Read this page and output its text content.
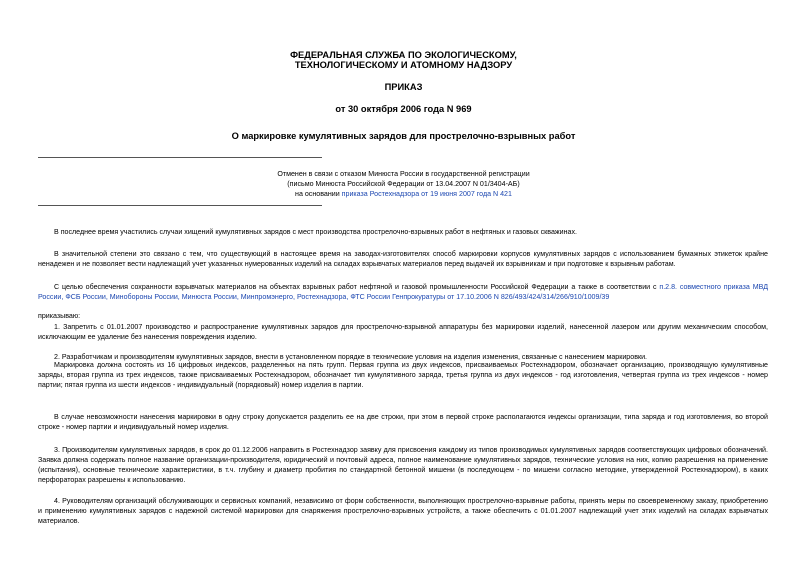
ФЕДЕРАЛЬНАЯ СЛУЖБА ПО ЭКОЛОГИЧЕСКОМУ,
ТЕХНОЛОГИЧЕСКОМУ И АТОМНОМУ НАДЗОРУ
ПРИКАЗ
от 30 октября 2006 года N 969
О маркировке кумулятивных зарядов для прострелочно-взрывных работ
Отменен в связи с отказом Минюста России в государственной регистрации
(письмо Минюста Российской Федерации от 13.04.2007 N 01/3404-АБ)
на основании приказа Ростехнадзора от 19 июня 2007 года N 421
В последнее время участились случаи хищений кумулятивных зарядов с мест производства прострелочно-взрывных работ в нефтяных и газовых скважинах.
В значительной степени это связано с тем, что существующий в настоящее время на заводах-изготовителях способ маркировки корпусов кумулятивных зарядов с использованием бумажных этикеток крайне ненадежен и не позволяет вести надлежащий учет указанных нумерованных изделий на складах взрывчатых материалов перед выдачей их взрывникам и при подготовке к взрывным работам.
С целью обеспечения сохранности взрывчатых материалов на объектах взрывных работ нефтяной и газовой промышленности Российской Федерации а также в соответствии с п.2.8. совместного приказа МВД России, ФСБ России, Минобороны России, Минюста России, Минпромэнерго, Ростехнадзора, ФТС России Генпрокуратуры от 17.10.2006 N 826/493/424/314/266/910/1009/39
приказываю:
1. Запретить с 01.01.2007 производство и распространение кумулятивных зарядов для прострелочно-взрывной аппаратуры без маркировки изделий, нанесенной лазером или другим механическим способом, исключающим ее удаление без нанесения повреждения изделию.
2. Разработчикам и производителям кумулятивных зарядов, внести в установленном порядке в технические условия на изделия изменения, связанные с нанесением маркировки.
Маркировка должна состоять из 16 цифровых индексов, разделенных на пять групп. Первая группа из двух индексов, присваиваемых Ростехнадзором, обозначает организацию, производящую кумулятивные заряды, вторая группа из трех индексов, также присваиваемых Ростехнадзором, обозначает тип кумулятивного заряда, третья группа из двух индексов - год изготовления, четвертая группа из трех индексов - номер партии; пятая группа из шести индексов - индивидуальный (порядковый) номер изделия в партии.
В случае невозможности нанесения маркировки в одну строку допускается разделить ее на две строки, при этом в первой строке располагаются индексы организации, типа заряда и год изготовления, во второй строке - номер партии и индивидуальный номер изделия.
3. Производителям кумулятивных зарядов, в срок до 01.12.2006 направить в Ростехнадзор заявку для присвоения каждому из типов производимых кумулятивных зарядов соответствующих цифровых обозначений. Заявка должна содержать полное название организации-производителя, юридический и почтовый адреса, полное наименование кумулятивных зарядов, технические условия на них, копию разрешения на применение (испытания), основные технические характеристики, в т.ч. глубину и диаметр пробития по стандартной бетонной мишени (в последующем - по мишени согласно методике, утвержденной Ростехнадзором), в каких перфораторах разрешены к использованию.
4. Руководителям организаций обслуживающих и сервисных компаний, независимо от форм собственности, выполняющих прострелочно-взрывные работы, принять меры по своевременному заказу, приобретению и применению кумулятивных зарядов с надежной системой маркировки для снаряжения прострелочно-взрывных устройств, а также обеспечить с 01.01.2007 надлежащий учет этих изделий на складах взрывчатых материалов.
